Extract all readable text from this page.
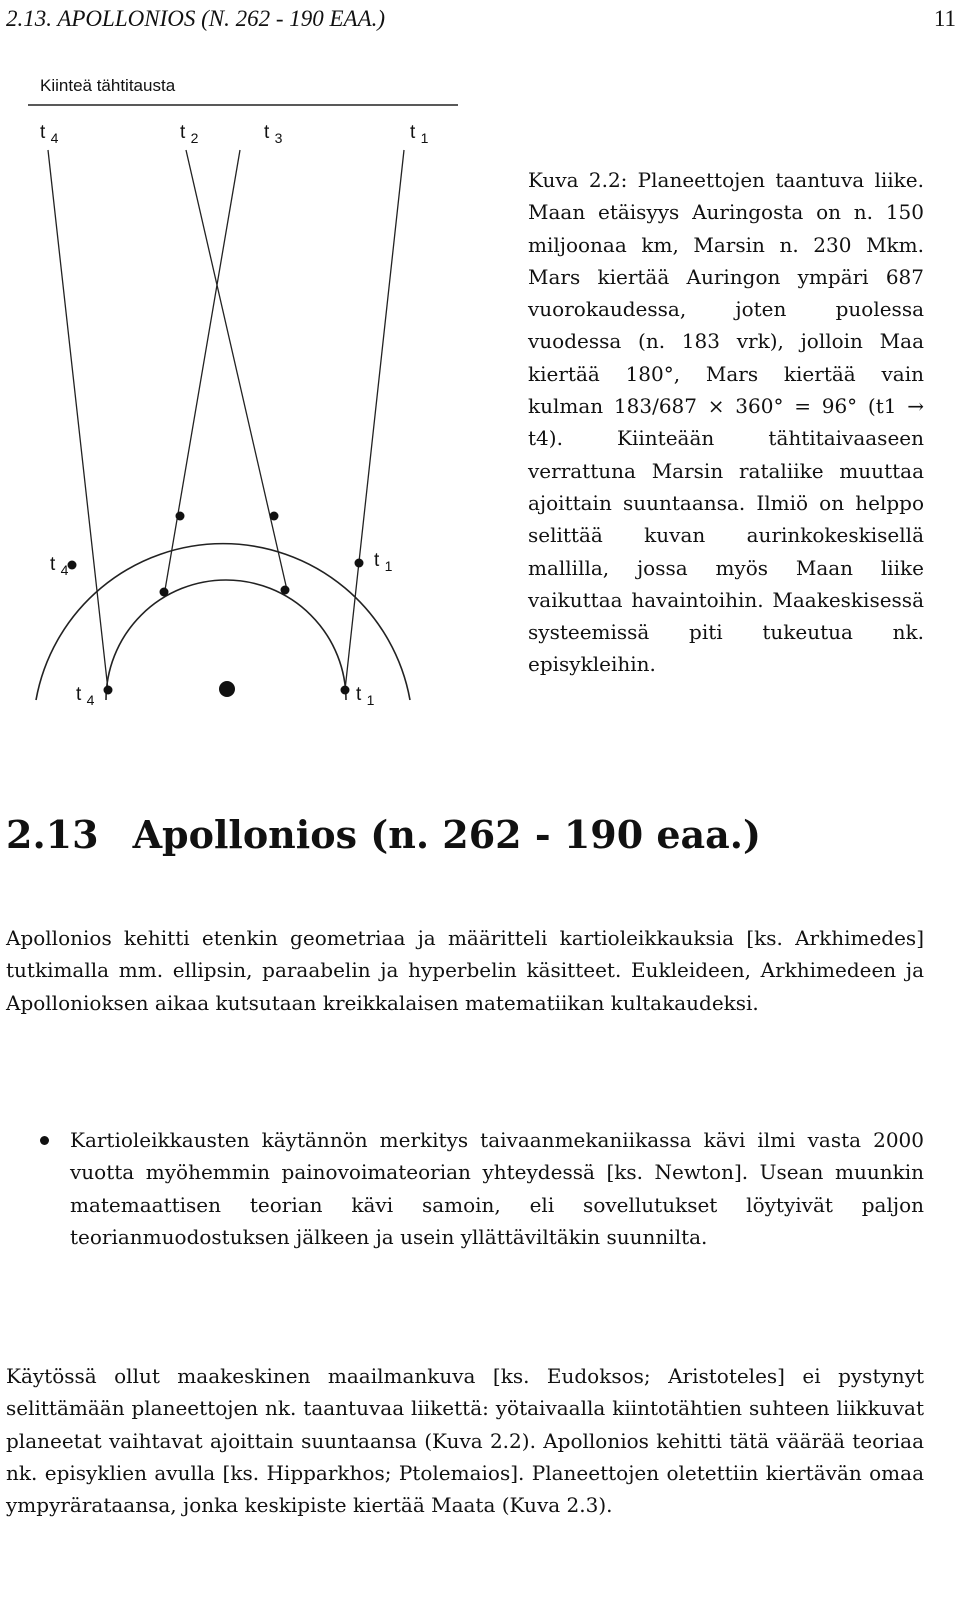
2.13. APOLLONIOS (N. 262 - 190 EAA.)	11
Kiinteä tähtitausta
t $_4$	t $_2$	t $_3$	t $_1$
t $_4$	t $_1$
t $_4$	t $_1$

Kuva 2.2: Planeettojen taantuva liike. Maan etäisyys Auringosta on n. 150 miljoonaa km, Marsin n. 230 Mkm. Mars kiertää Auringon ympäri 687 vuorokaudessa, joten puolessa vuodessa (n. 183 vrk), jolloin Maa kiertää 180°, Mars kiertää vain kulman 183/687 × 360° = 96° (t1 → t4). Kiinteään tähtitaivaaseen verrattuna Marsin rataliike muuttaa ajoittain suuntaansa. Ilmiö on helppo selittää kuvan aurinkokeskisellä mallilla, jossa myös Maan liike vaikuttaa havaintoihin. Maakeskisessä systeemissä piti tukeutua nk. episykleihin.

2.13 Apollonios (n. 262 - 190 eaa.)

Apollonios kehitti etenkin geometriaa ja määritteli kartioleikkauksia [ks. Arkhimedes] tutkimalla mm. ellipsin, paraabelin ja hyperbelin käsitteet. Eukleideen, Arkhimedeen ja Apollonioksen aikaa kutsutaan kreikkalaisen matematiikan kultakaudeksi.

Kartioleikkausten käytännön merkitys taivaanmekaniikassa kävi ilmi vasta 2000 vuotta myöhemmin painovoimateorian yhteydessä [ks. Newton]. Usean muunkin matemaattisen teorian kävi samoin, eli sovellutukset löytyivät paljon teorianmuodostuksen jälkeen ja usein yllättäviltäkin suunnilta.

Käytössä ollut maakeskinen maailmankuva [ks. Eudoksos; Aristoteles] ei pystynyt selittämään planeettojen nk. taantuvaa liikettä: yötaivaalla kiintotähtien suhteen liikkuvat planeetat vaihtavat ajoittain suuntaansa (Kuva 2.2). Apollonios kehitti tätä väärää teoriaa nk. episyklien avulla [ks. Hipparkhos; Ptolemaios]. Planeettojen oletettiin kiertävän omaa ympyrärataansa, jonka keskipiste kiertää Maata (Kuva 2.3).
